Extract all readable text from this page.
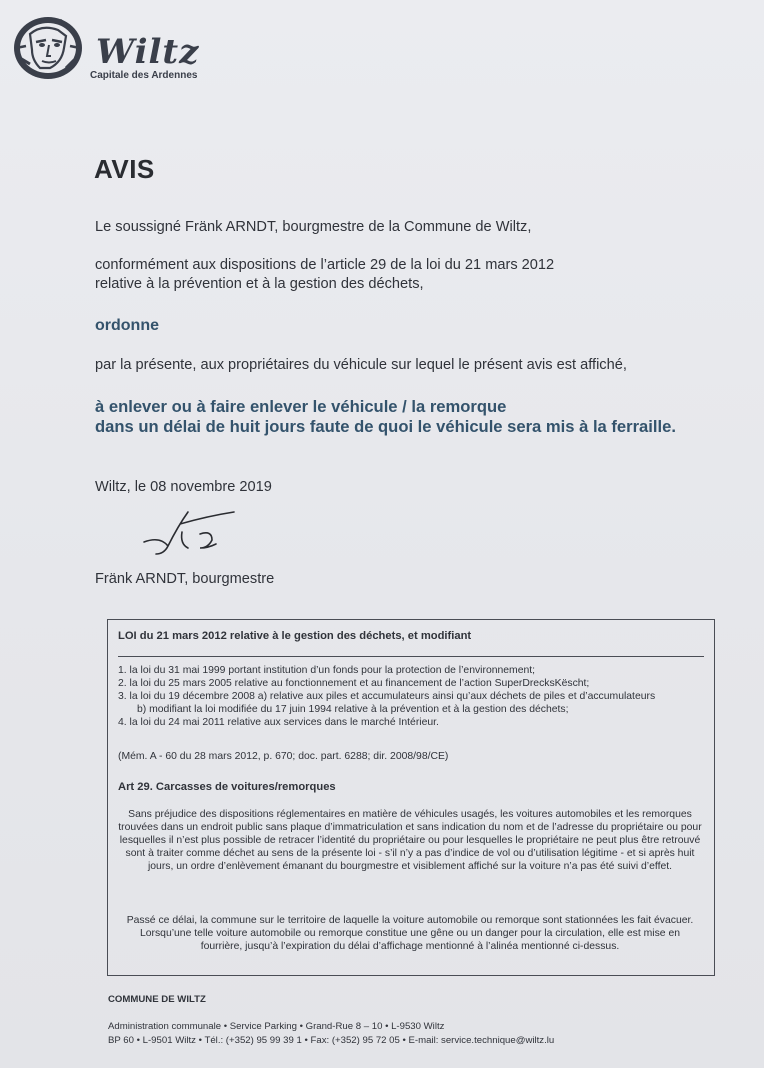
Wiltz
Capitale des Ardennes
AVIS
Le soussigné Fränk ARNDT, bourgmestre de la Commune de Wiltz,
conformément aux dispositions de l’article 29 de la loi du 21 mars 2012
relative à la prévention et à la gestion des déchets,
ordonne
par la présente, aux propriétaires du véhicule sur lequel le présent avis est affiché,
à enlever ou à faire enlever le véhicule / la remorque
dans un délai de huit jours faute de quoi le véhicule sera mis à la ferraille.
Wiltz, le 08 novembre 2019
Fränk ARNDT, bourgmestre
LOI du 21 mars 2012 relative à le gestion des déchets, et modifiant
1. la loi du 31 mai 1999 portant institution d’un fonds pour la protection de l’environnement;
2. la loi du 25 mars 2005 relative au fonctionnement et au financement de l’action SuperDrecksKëscht;
3. la loi du 19 décembre 2008 a) relative aux piles et accumulateurs ainsi qu’aux déchets de piles et d’accumulateurs
b) modifiant la loi modifiée du 17 juin 1994 relative à la prévention et à la gestion des déchets;
4. la loi du 24 mai 2011 relative aux services dans le marché Intérieur.
(Mém. A - 60 du 28 mars 2012, p. 670; doc. part. 6288; dir. 2008/98/CE)
Art 29. Carcasses de voitures/remorques
Sans préjudice des dispositions réglementaires en matière de véhicules usagés, les voitures automobiles et les remorques trouvées dans un endroit public sans plaque d’immatriculation et sans indication du nom et de l’adresse du propriétaire ou pour lesquelles il n’est plus possible de retracer l’identité du propriétaire ou pour lesquelles le propriétaire ne peut plus être retrouvé sont à traiter comme déchet au sens de la présente loi - s’il n’y a pas d’indice de vol ou d’utilisation légitime - et si après huit jours, un ordre d’enlèvement émanant du bourgmestre et visiblement affiché sur la voiture n’a pas été suivi d’effet.
Passé ce délai, la commune sur le territoire de laquelle la voiture automobile ou remorque sont stationnées les fait évacuer. Lorsqu’une telle voiture automobile ou remorque constitue une gêne ou un danger pour la circulation, elle est mise en fourrière, jusqu’à l’expiration du délai d’affichage mentionné à l’alinéa mentionné ci-dessus.
COMMUNE DE WILTZ
Administration communale • Service Parking • Grand-Rue 8 – 10 • L-9530 Wiltz
BP 60 • L-9501 Wiltz • Tél.: (+352) 95 99 39 1 • Fax: (+352) 95 72 05 • E-mail: service.technique@wiltz.lu
